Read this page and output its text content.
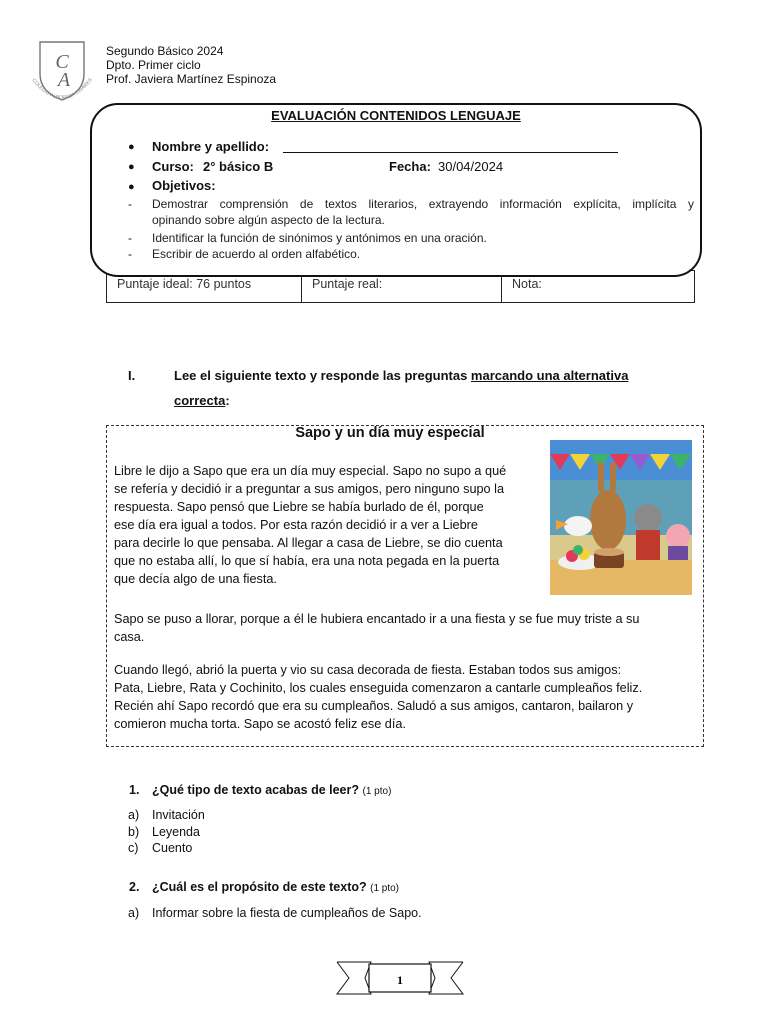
C
A
COLEGIO ALBORADA LINARES
Segundo Básico 2024
Dpto. Primer ciclo
Prof. Javiera Martínez Espinoza
Puntaje ideal: 76 puntos	Puntaje real:	Nota:
EVALUACIÓN CONTENIDOS LENGUAJE
● Nombre y apellido:
● Curso: 2° básico B	Fecha: 30/04/2024
● Objetivos:
- Demostrar comprensión de textos literarios, extrayendo información explícita, implícita y
opinando sobre algún aspecto de la lectura.
- Identificar la función de sinónimos y antónimos en una oración.
- Escribir de acuerdo al orden alfabético.
I.	Lee el siguiente texto y responde las preguntas marcando una alternativa
correcta:
Sapo y un día muy especial
Libre le dijo a Sapo que era un día muy especial. Sapo no supo a qué
se refería y decidió ir a preguntar a sus amigos, pero ninguno supo la
respuesta. Sapo pensó que Liebre se había burlado de él, porque
ese día era igual a todos. Por esta razón decidió ir a ver a Liebre
para decirle lo que pensaba. Al llegar a casa de Liebre, se dio cuenta
que no estaba allí, lo que sí había, era una nota pegada en la puerta
que decía algo de una fiesta.
Sapo se puso a llorar, porque a él le hubiera encantado ir a una fiesta y se fue muy triste a su
casa.
Cuando llegó, abrió la puerta y vio su casa decorada de fiesta. Estaban todos sus amigos:
Pata, Liebre, Rata y Cochinito, los cuales enseguida comenzaron a cantarle cumpleaños feliz.
Recién ahí Sapo recordó que era su cumpleaños. Saludó a sus amigos, cantaron, bailaron y
comieron mucha torta. Sapo se acostó feliz ese día.
1. ¿Qué tipo de texto acabas de leer? (1 pto)
a) Invitación
b) Leyenda
c) Cuento
2. ¿Cuál es el propósito de este texto? (1 pto)
a) Informar sobre la fiesta de cumpleaños de Sapo.
1
